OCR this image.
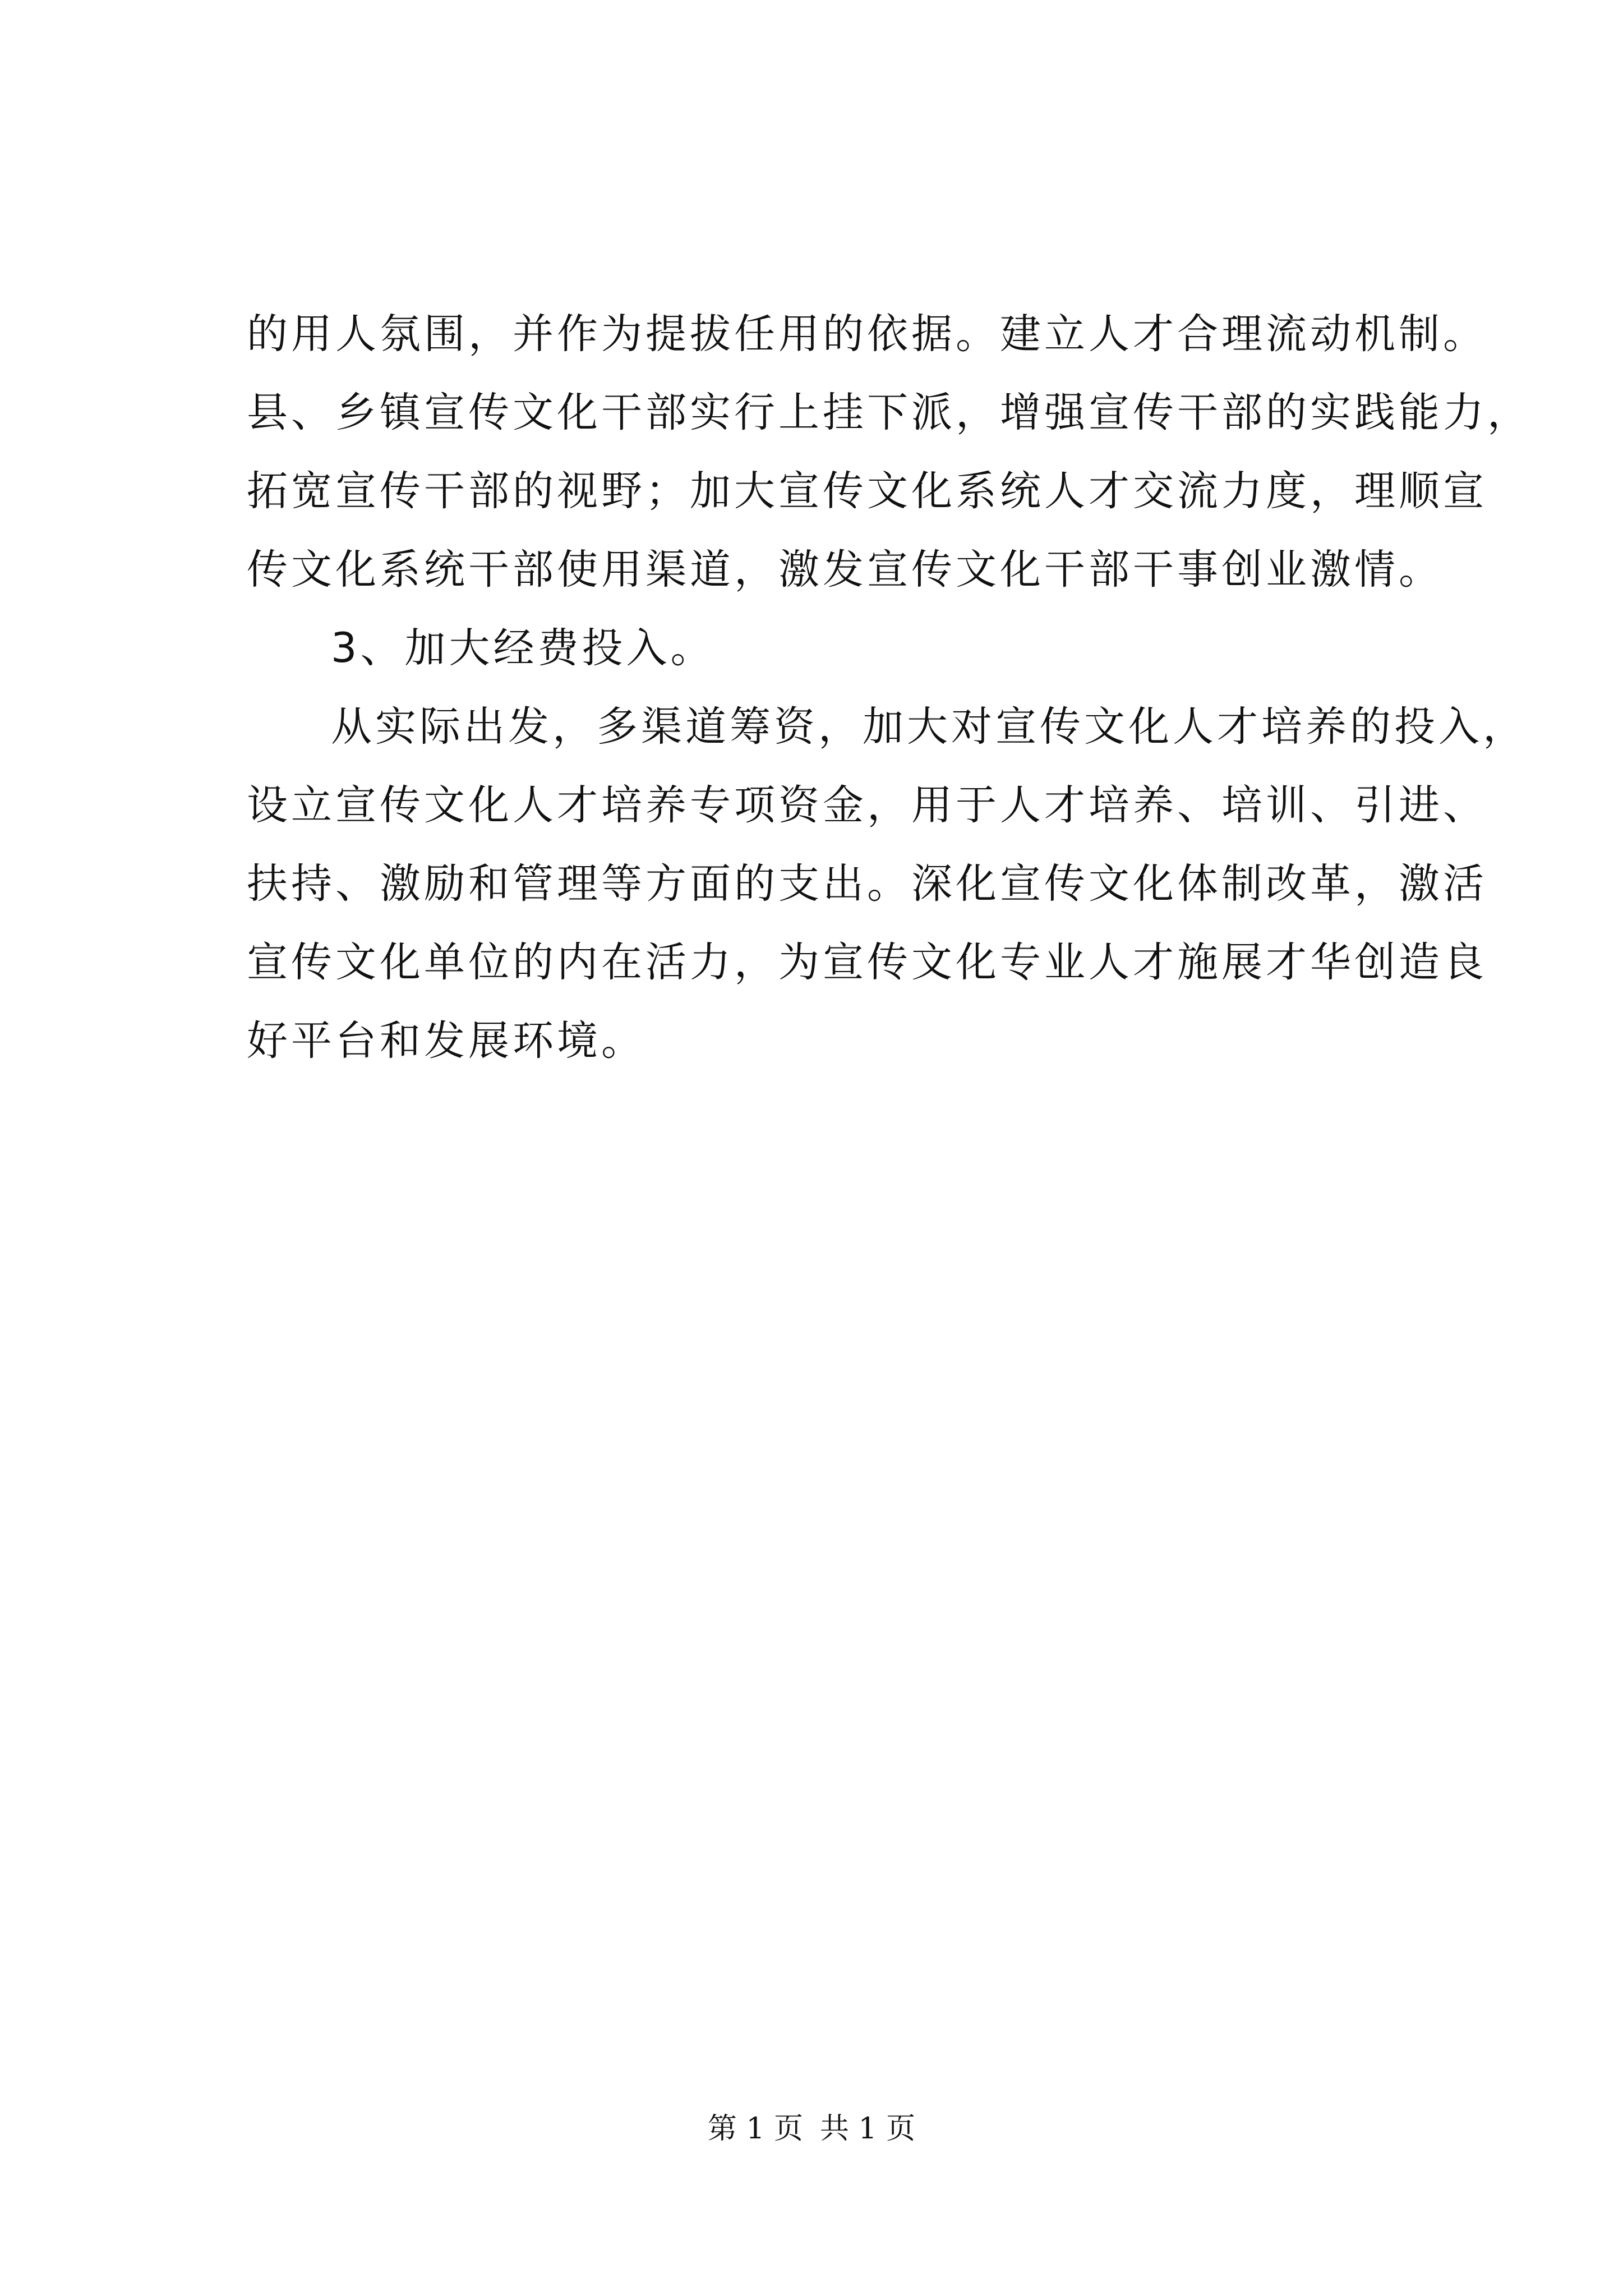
的用人氛围，并作为提拔任用的依据。建立人才合理流动机制。
县、乡镇宣传文化干部实行上挂下派，增强宣传干部的实践能力，
拓宽宣传干部的视野；加大宣传文化系统人才交流力度，理顺宣
传文化系统干部使用渠道，激发宣传文化干部干事创业激情。
3、加大经费投入。
从实际出发，多渠道筹资，加大对宣传文化人才培养的投入，
设立宣传文化人才培养专项资金，用于人才培养、培训、引进、
扶持、激励和管理等方面的支出。深化宣传文化体制改革，激活
宣传文化单位的内在活力，为宣传文化专业人才施展才华创造良
好平台和发展环境。
第 1 页 共 1 页
